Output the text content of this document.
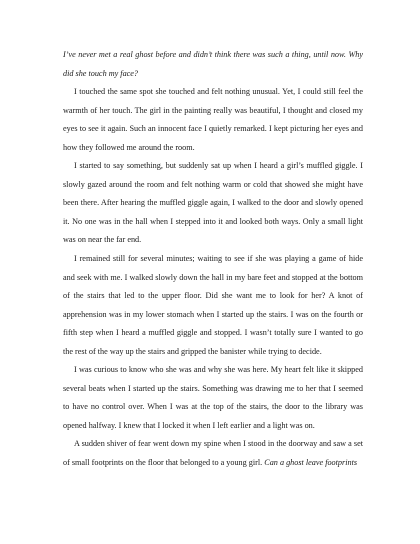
I’ve never met a real ghost before and didn’t think there was such a thing, until now. Why did she touch my face?

I touched the same spot she touched and felt nothing unusual. Yet, I could still feel the warmth of her touch. The girl in the painting really was beautiful, I thought and closed my eyes to see it again. Such an innocent face I quietly remarked. I kept picturing her eyes and how they followed me around the room.

I started to say something, but suddenly sat up when I heard a girl’s muffled giggle. I slowly gazed around the room and felt nothing warm or cold that showed she might have been there. After hearing the muffled giggle again, I walked to the door and slowly opened it. No one was in the hall when I stepped into it and looked both ways. Only a small light was on near the far end.

I remained still for several minutes; waiting to see if she was playing a game of hide and seek with me. I walked slowly down the hall in my bare feet and stopped at the bottom of the stairs that led to the upper floor. Did she want me to look for her? A knot of apprehension was in my lower stomach when I started up the stairs. I was on the fourth or fifth step when I heard a muffled giggle and stopped. I wasn’t totally sure I wanted to go the rest of the way up the stairs and gripped the banister while trying to decide.

I was curious to know who she was and why she was here. My heart felt like it skipped several beats when I started up the stairs. Something was drawing me to her that I seemed to have no control over. When I was at the top of the stairs, the door to the library was opened halfway. I knew that I locked it when I left earlier and a light was on.

A sudden shiver of fear went down my spine when I stood in the doorway and saw a set of small footprints on the floor that belonged to a young girl. Can a ghost leave footprints
